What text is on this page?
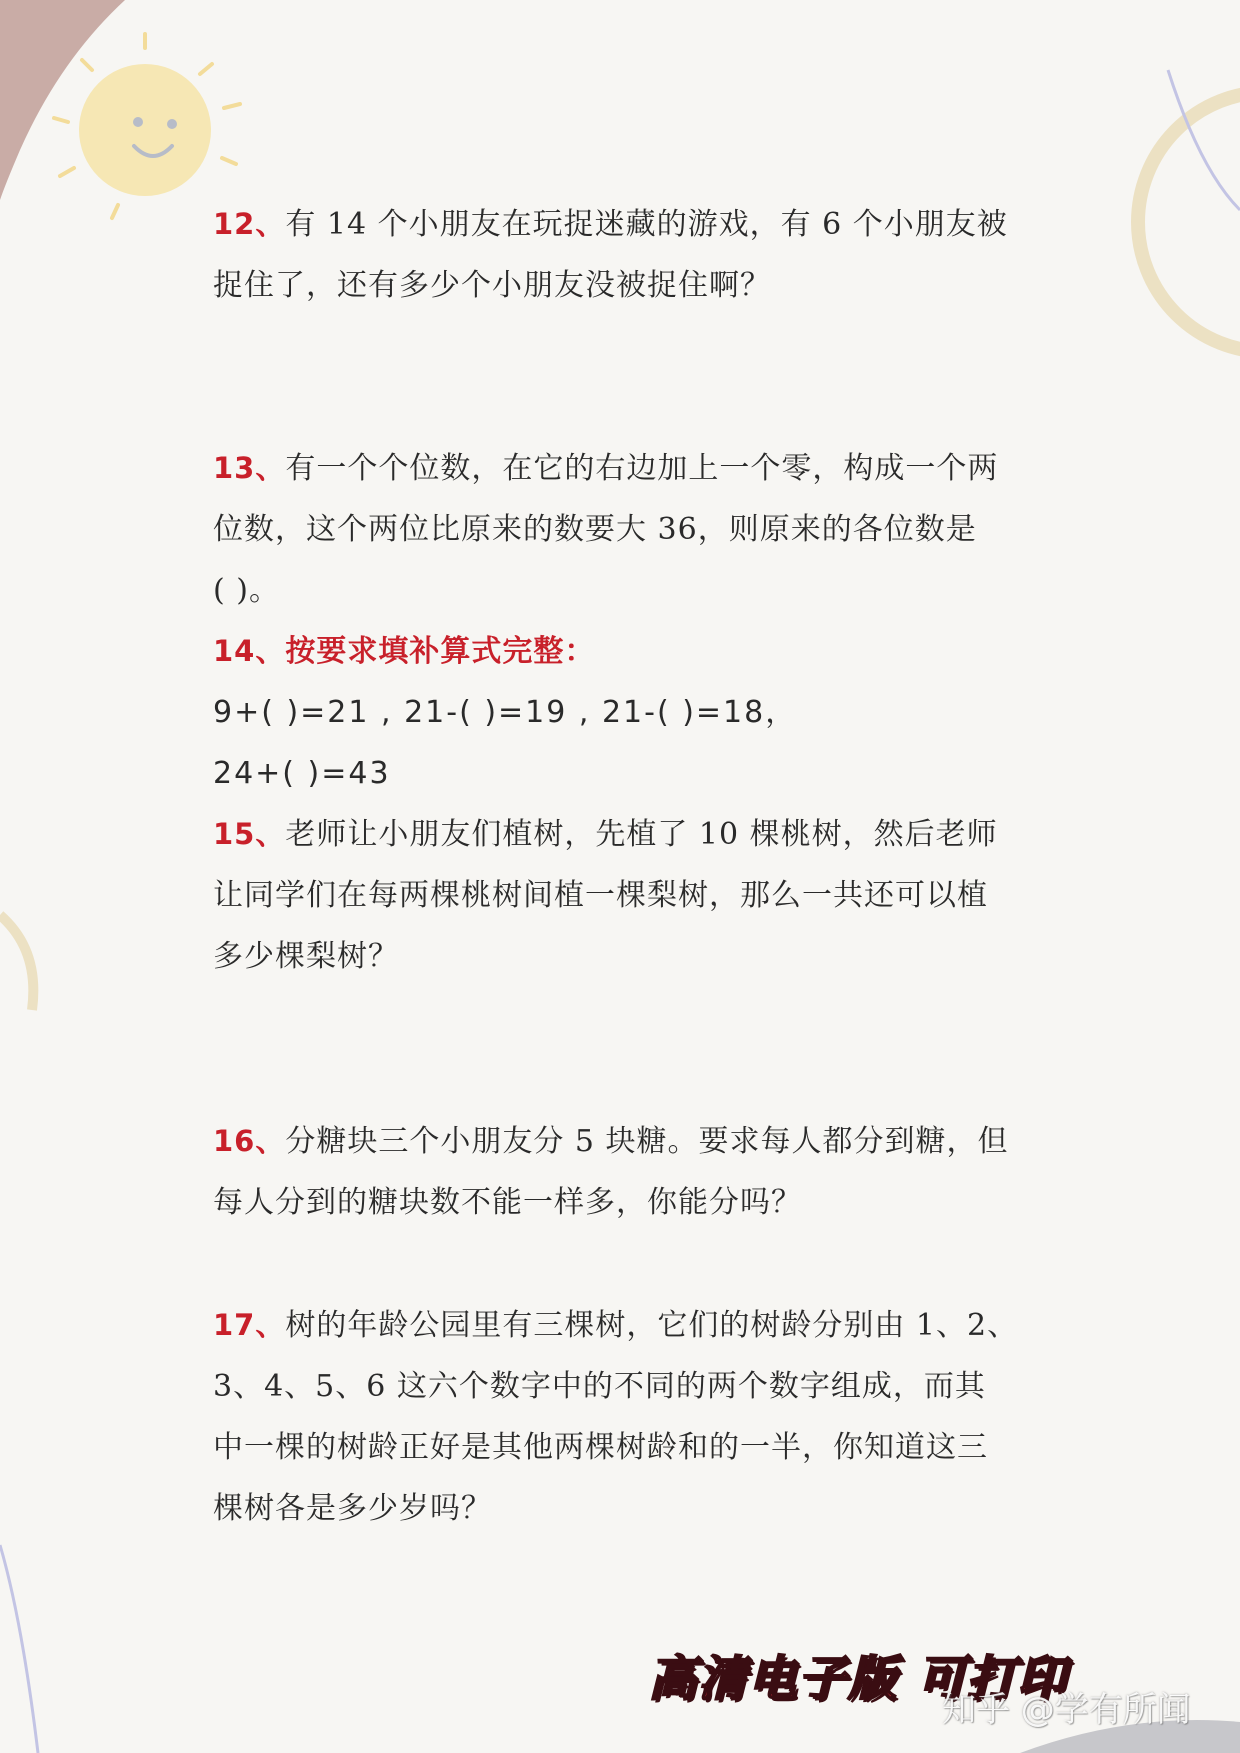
12、有 14 个小朋友在玩捉迷藏的游戏，有 6 个小朋友被
捉住了，还有多少个小朋友没被捉住啊？
13、有一个个位数，在它的右边加上一个零，构成一个两
位数，这个两位比原来的数要大 36，则原来的各位数是
( )。
14、按要求填补算式完整：
9+( )=21 , 21-( )=19 , 21-( )=18，
24+( )=43
15、老师让小朋友们植树，先植了 10 棵桃树，然后老师
让同学们在每两棵桃树间植一棵梨树，那么一共还可以植
多少棵梨树？
16、分糖块三个小朋友分 5 块糖。要求每人都分到糖，但
每人分到的糖块数不能一样多，你能分吗？
17、树的年龄公园里有三棵树，它们的树龄分别由 1、2、
3、4、5、6 这六个数字中的不同的两个数字组成，而其
中一棵的树龄正好是其他两棵树龄和的一半，你知道这三
棵树各是多少岁吗？
高清电子版 可打印
知乎 @学有所闻
